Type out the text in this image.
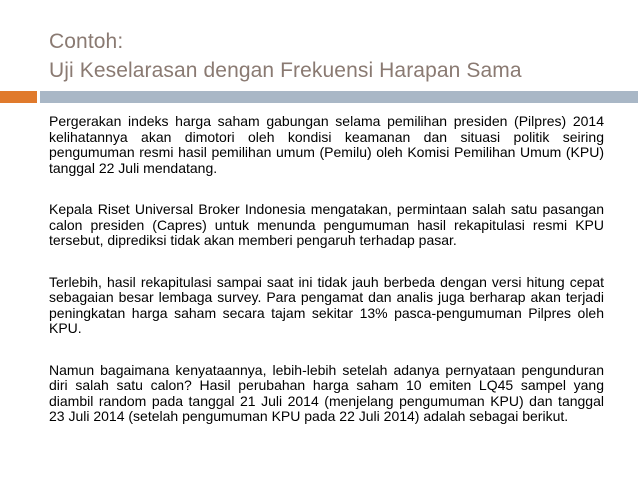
Contoh:
Uji Keselarasan dengan Frekuensi Harapan Sama

Pergerakan indeks harga saham gabungan selama pemilihan presiden (Pilpres) 2014 kelihatannya akan dimotori oleh kondisi keamanan dan situasi politik seiring pengumuman resmi hasil pemilihan umum (Pemilu) oleh Komisi Pemilihan Umum (KPU) tanggal 22 Juli mendatang.

Kepala Riset Universal Broker Indonesia mengatakan, permintaan salah satu pasangan calon presiden (Capres) untuk menunda pengumuman hasil rekapitulasi resmi KPU tersebut, diprediksi tidak akan memberi pengaruh terhadap pasar.

Terlebih, hasil rekapitulasi sampai saat ini tidak jauh berbeda dengan versi hitung cepat sebagaian besar lembaga survey. Para pengamat dan analis juga berharap akan terjadi peningkatan harga saham secara tajam sekitar 13% pasca-pengumuman Pilpres oleh KPU.

Namun bagaimana kenyataannya, lebih-lebih setelah adanya pernyataan pengunduran diri salah satu calon? Hasil perubahan harga saham 10 emiten LQ45 sampel yang diambil random pada tanggal 21 Juli 2014 (menjelang pengumuman KPU) dan tanggal 23 Juli 2014 (setelah pengumuman KPU pada 22 Juli 2014) adalah sebagai berikut.
